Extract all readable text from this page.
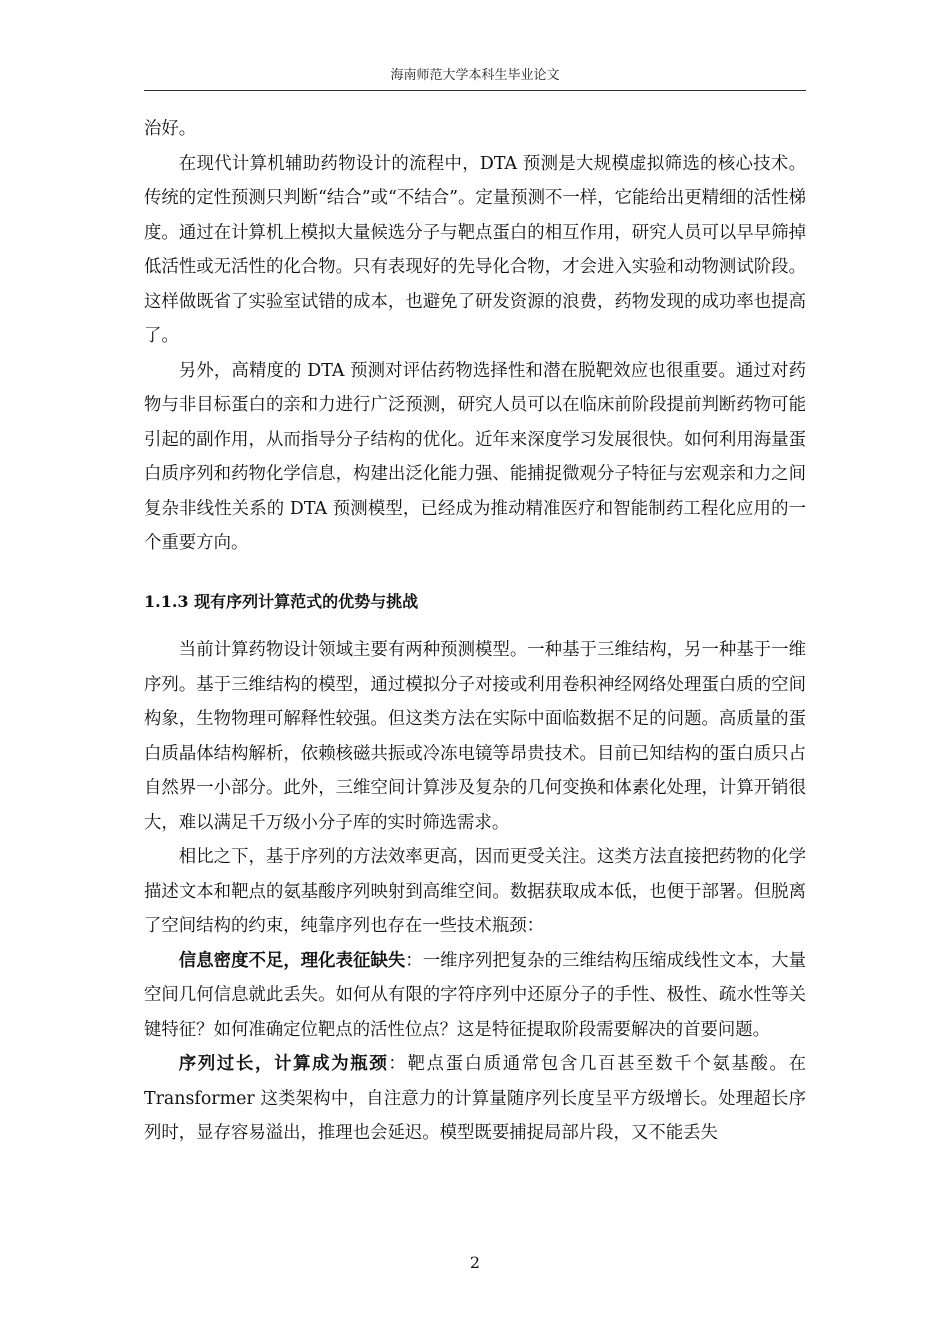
海南师范大学本科生毕业论文

治好。

在现代计算机辅助药物设计的流程中，DTA 预测是大规模虚拟筛选的核心技术。传统的定性预测只判断“结合”或“不结合”。定量预测不一样，它能给出更精细的活性梯度。通过在计算机上模拟大量候选分子与靶点蛋白的相互作用，研究人员可以早早筛掉低活性或无活性的化合物。只有表现好的先导化合物，才会进入实验和动物测试阶段。这样做既省了实验室试错的成本，也避免了研发资源的浪费，药物发现的成功率也提高了。

另外，高精度的 DTA 预测对评估药物选择性和潜在脱靶效应也很重要。通过对药物与非目标蛋白的亲和力进行广泛预测，研究人员可以在临床前阶段提前判断药物可能引起的副作用，从而指导分子结构的优化。近年来深度学习发展很快。如何利用海量蛋白质序列和药物化学信息，构建出泛化能力强、能捕捉微观分子特征与宏观亲和力之间复杂非线性关系的 DTA 预测模型，已经成为推动精准医疗和智能制药工程化应用的一个重要方向。

1.1.3 现有序列计算范式的优势与挑战

当前计算药物设计领域主要有两种预测模型。一种基于三维结构，另一种基于一维序列。基于三维结构的模型，通过模拟分子对接或利用卷积神经网络处理蛋白质的空间构象，生物物理可解释性较强。但这类方法在实际中面临数据不足的问题。高质量的蛋白质晶体结构解析，依赖核磁共振或冷冻电镜等昂贵技术。目前已知结构的蛋白质只占自然界一小部分。此外，三维空间计算涉及复杂的几何变换和体素化处理，计算开销很大，难以满足千万级小分子库的实时筛选需求。

相比之下，基于序列的方法效率更高，因而更受关注。这类方法直接把药物的化学描述文本和靶点的氨基酸序列映射到高维空间。数据获取成本低，也便于部署。但脱离了空间结构的约束，纯靠序列也存在一些技术瓶颈：

信息密度不足，理化表征缺失：一维序列把复杂的三维结构压缩成线性文本，大量空间几何信息就此丢失。如何从有限的字符序列中还原分子的手性、极性、疏水性等关键特征？如何准确定位靶点的活性位点？这是特征提取阶段需要解决的首要问题。

序列过长，计算成为瓶颈：靶点蛋白质通常包含几百甚至数千个氨基酸。在 Transformer 这类架构中，自注意力的计算量随序列长度呈平方级增长。处理超长序列时，显存容易溢出，推理也会延迟。模型既要捕捉局部片段，又不能丢失

2
